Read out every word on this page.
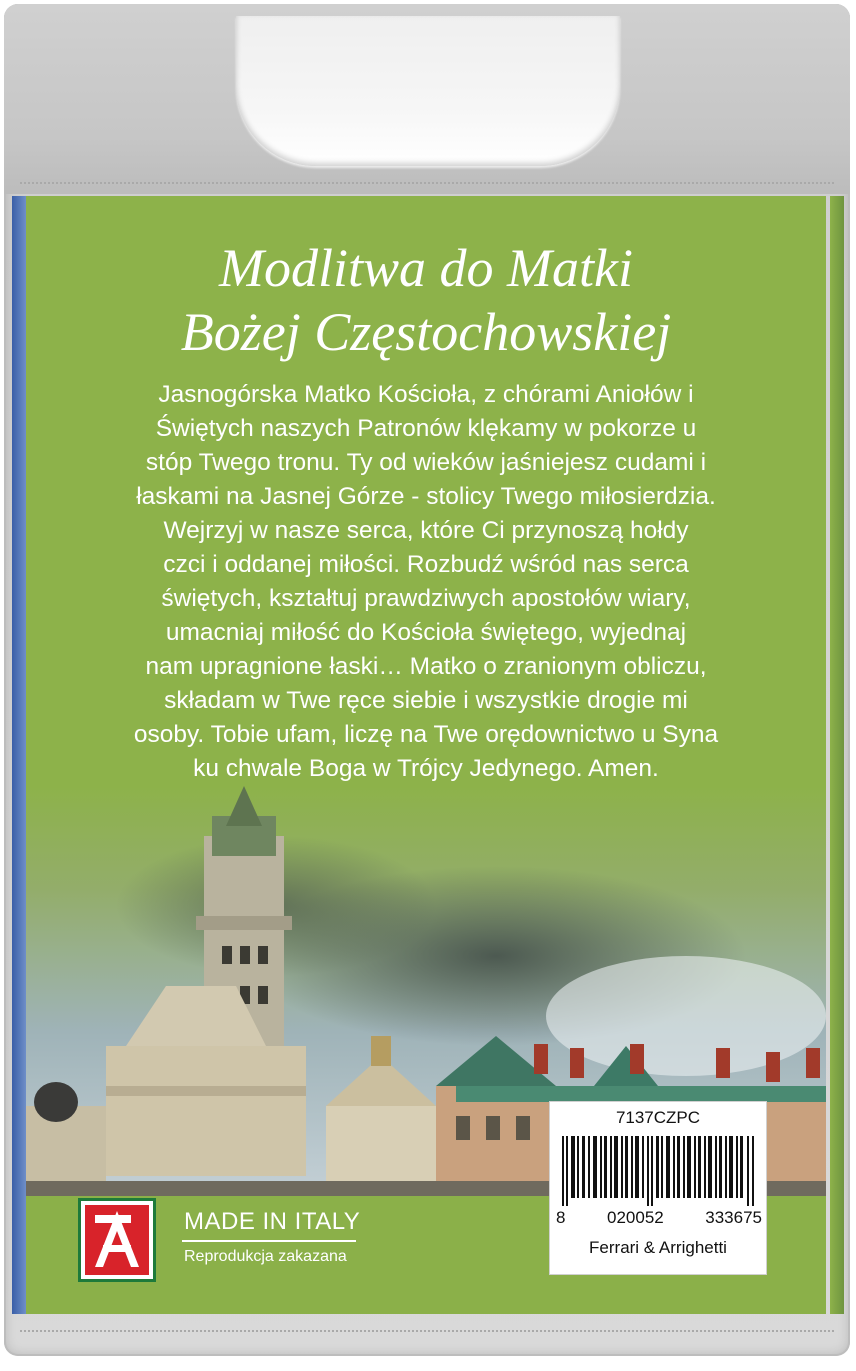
Modlitwa do Matki
Bożej Częstochowskiej
Jasnogórska Matko Kościoła, z chórami Aniołów i
Świętych naszych Patronów klękamy w pokorze u
stóp Twego tronu. Ty od wieków jaśniejesz cudami i
łaskami na Jasnej Górze - stolicy Twego miłosierdzia.
Wejrzyj w nasze serca, które Ci przynoszą hołdy
czci i oddanej miłości. Rozbudź wśród nas serca
świętych, kształtuj prawdziwych apostołów wiary,
umacniaj miłość do Kościoła świętego, wyjednaj
nam upragnione łaski… Matko o zranionym obliczu,
składam w Twe ręce siebie i wszystkie drogie mi
osoby. Tobie ufam, liczę na Twe orędownictwo u Syna
ku chwale Boga w Trójcy Jedynego. Amen.
MADE IN ITALY
Reprodukcja zakazana
7137CZPC
8 020052 333675
Ferrari & Arrighetti
